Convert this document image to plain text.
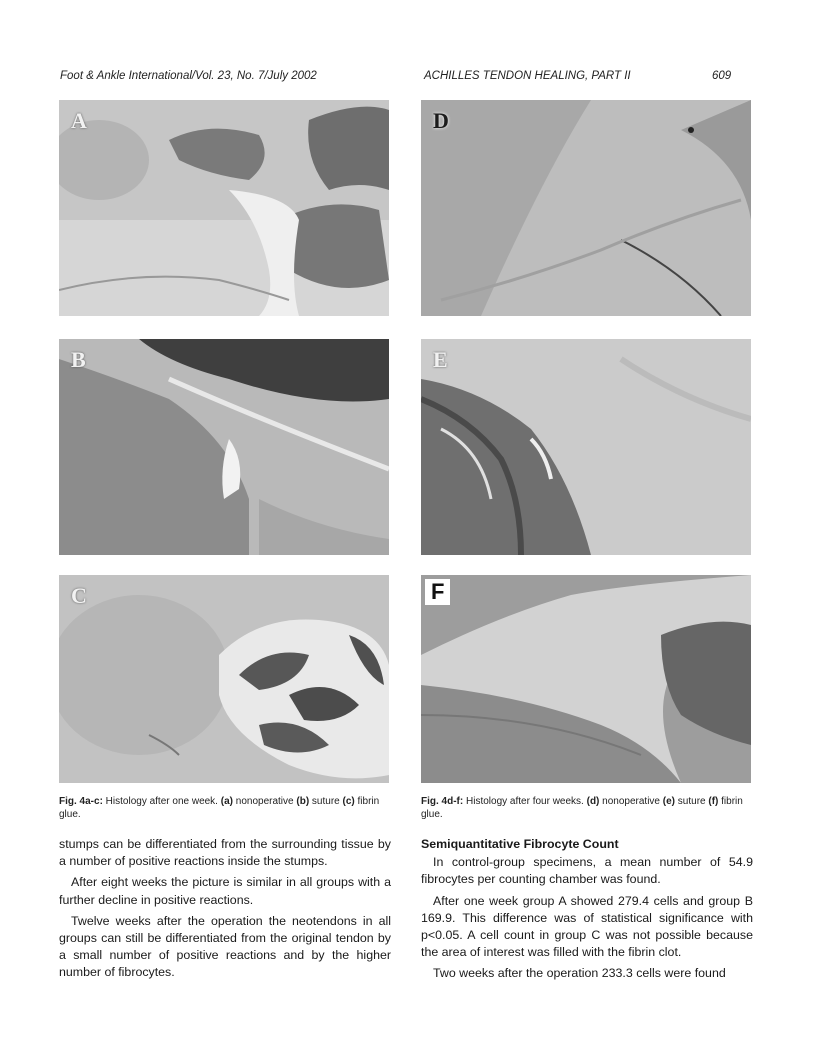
Foot & Ankle International/Vol. 23, No. 7/July 2002	ACHILLES TENDON HEALING, PART II	609
A
B
C
D
E
F
Fig. 4a-c: Histology after one week. (a) nonoperative (b) suture (c) fibrin glue.
Fig. 4d-f: Histology after four weeks. (d) nonoperative (e) suture (f) fibrin glue.

stumps can be differentiated from the surrounding tissue by a number of positive reactions inside the stumps.

After eight weeks the picture is similar in all groups with a further decline in positive reactions.

Twelve weeks after the operation the neotendons in all groups can still be differentiated from the original tendon by a small number of positive reactions and by the higher number of fibrocytes.

Semiquantitative Fibrocyte Count

In control-group specimens, a mean number of 54.9 fibrocytes per counting chamber was found.

After one week group A showed 279.4 cells and group B 169.9. This difference was of statistical significance with p<0.05. A cell count in group C was not possible because the area of interest was filled with the fibrin clot.

Two weeks after the operation 233.3 cells were found
